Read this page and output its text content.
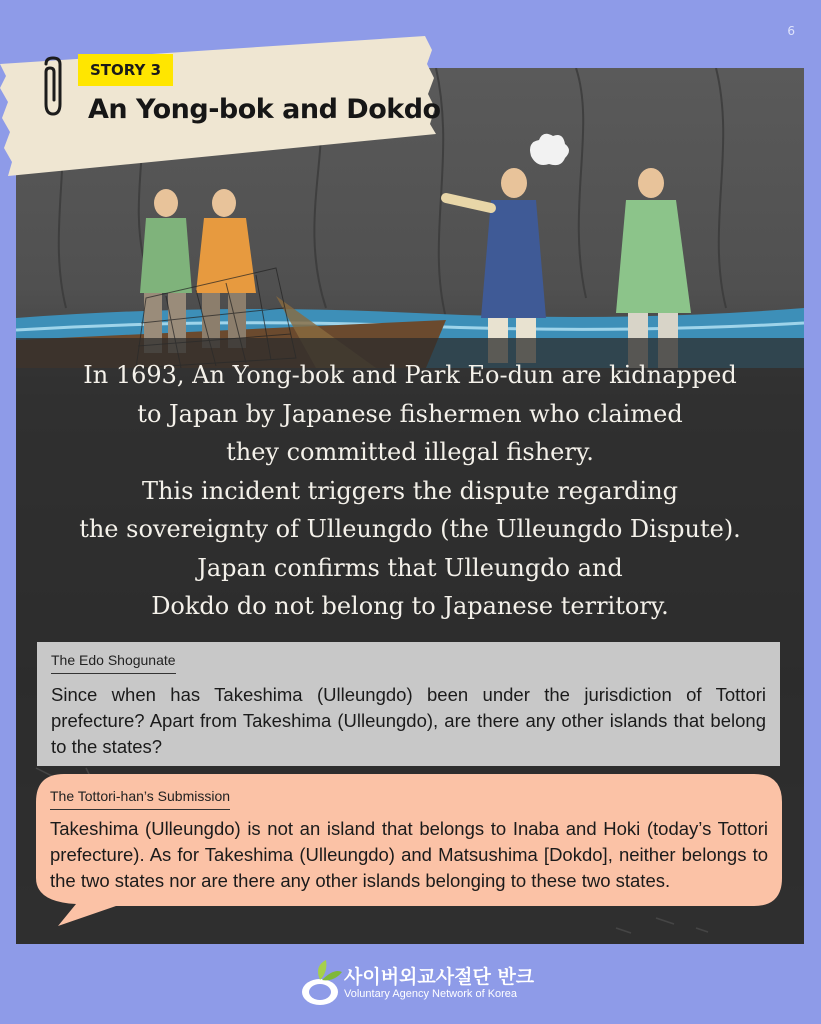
6
STORY 3
An Yong-bok and Dokdo
In 1693, An Yong-bok and Park Eo-dun are kidnapped
to Japan by Japanese fishermen who claimed
they committed illegal fishery.
This incident triggers the dispute regarding
the sovereignty of Ulleungdo (the Ulleungdo Dispute).
Japan confirms that Ulleungdo and
Dokdo do not belong to Japanese territory.
The Edo Shogunate
Since when has Takeshima (Ulleungdo) been under the jurisdiction of Tottori prefecture? Apart from Takeshima (Ulleungdo), are there any other islands that belong to the states?
The Tottori-han’s Submission
Takeshima (Ulleungdo) is not an island that belongs to Inaba and Hoki (today’s Tottori prefecture). As for Takeshima (Ulleungdo) and Matsushima [Dokdo], neither belongs to the two states nor are there any other islands belonging to these two states.
사이버외교사절단 반크
Voluntary Agency Network of Korea
